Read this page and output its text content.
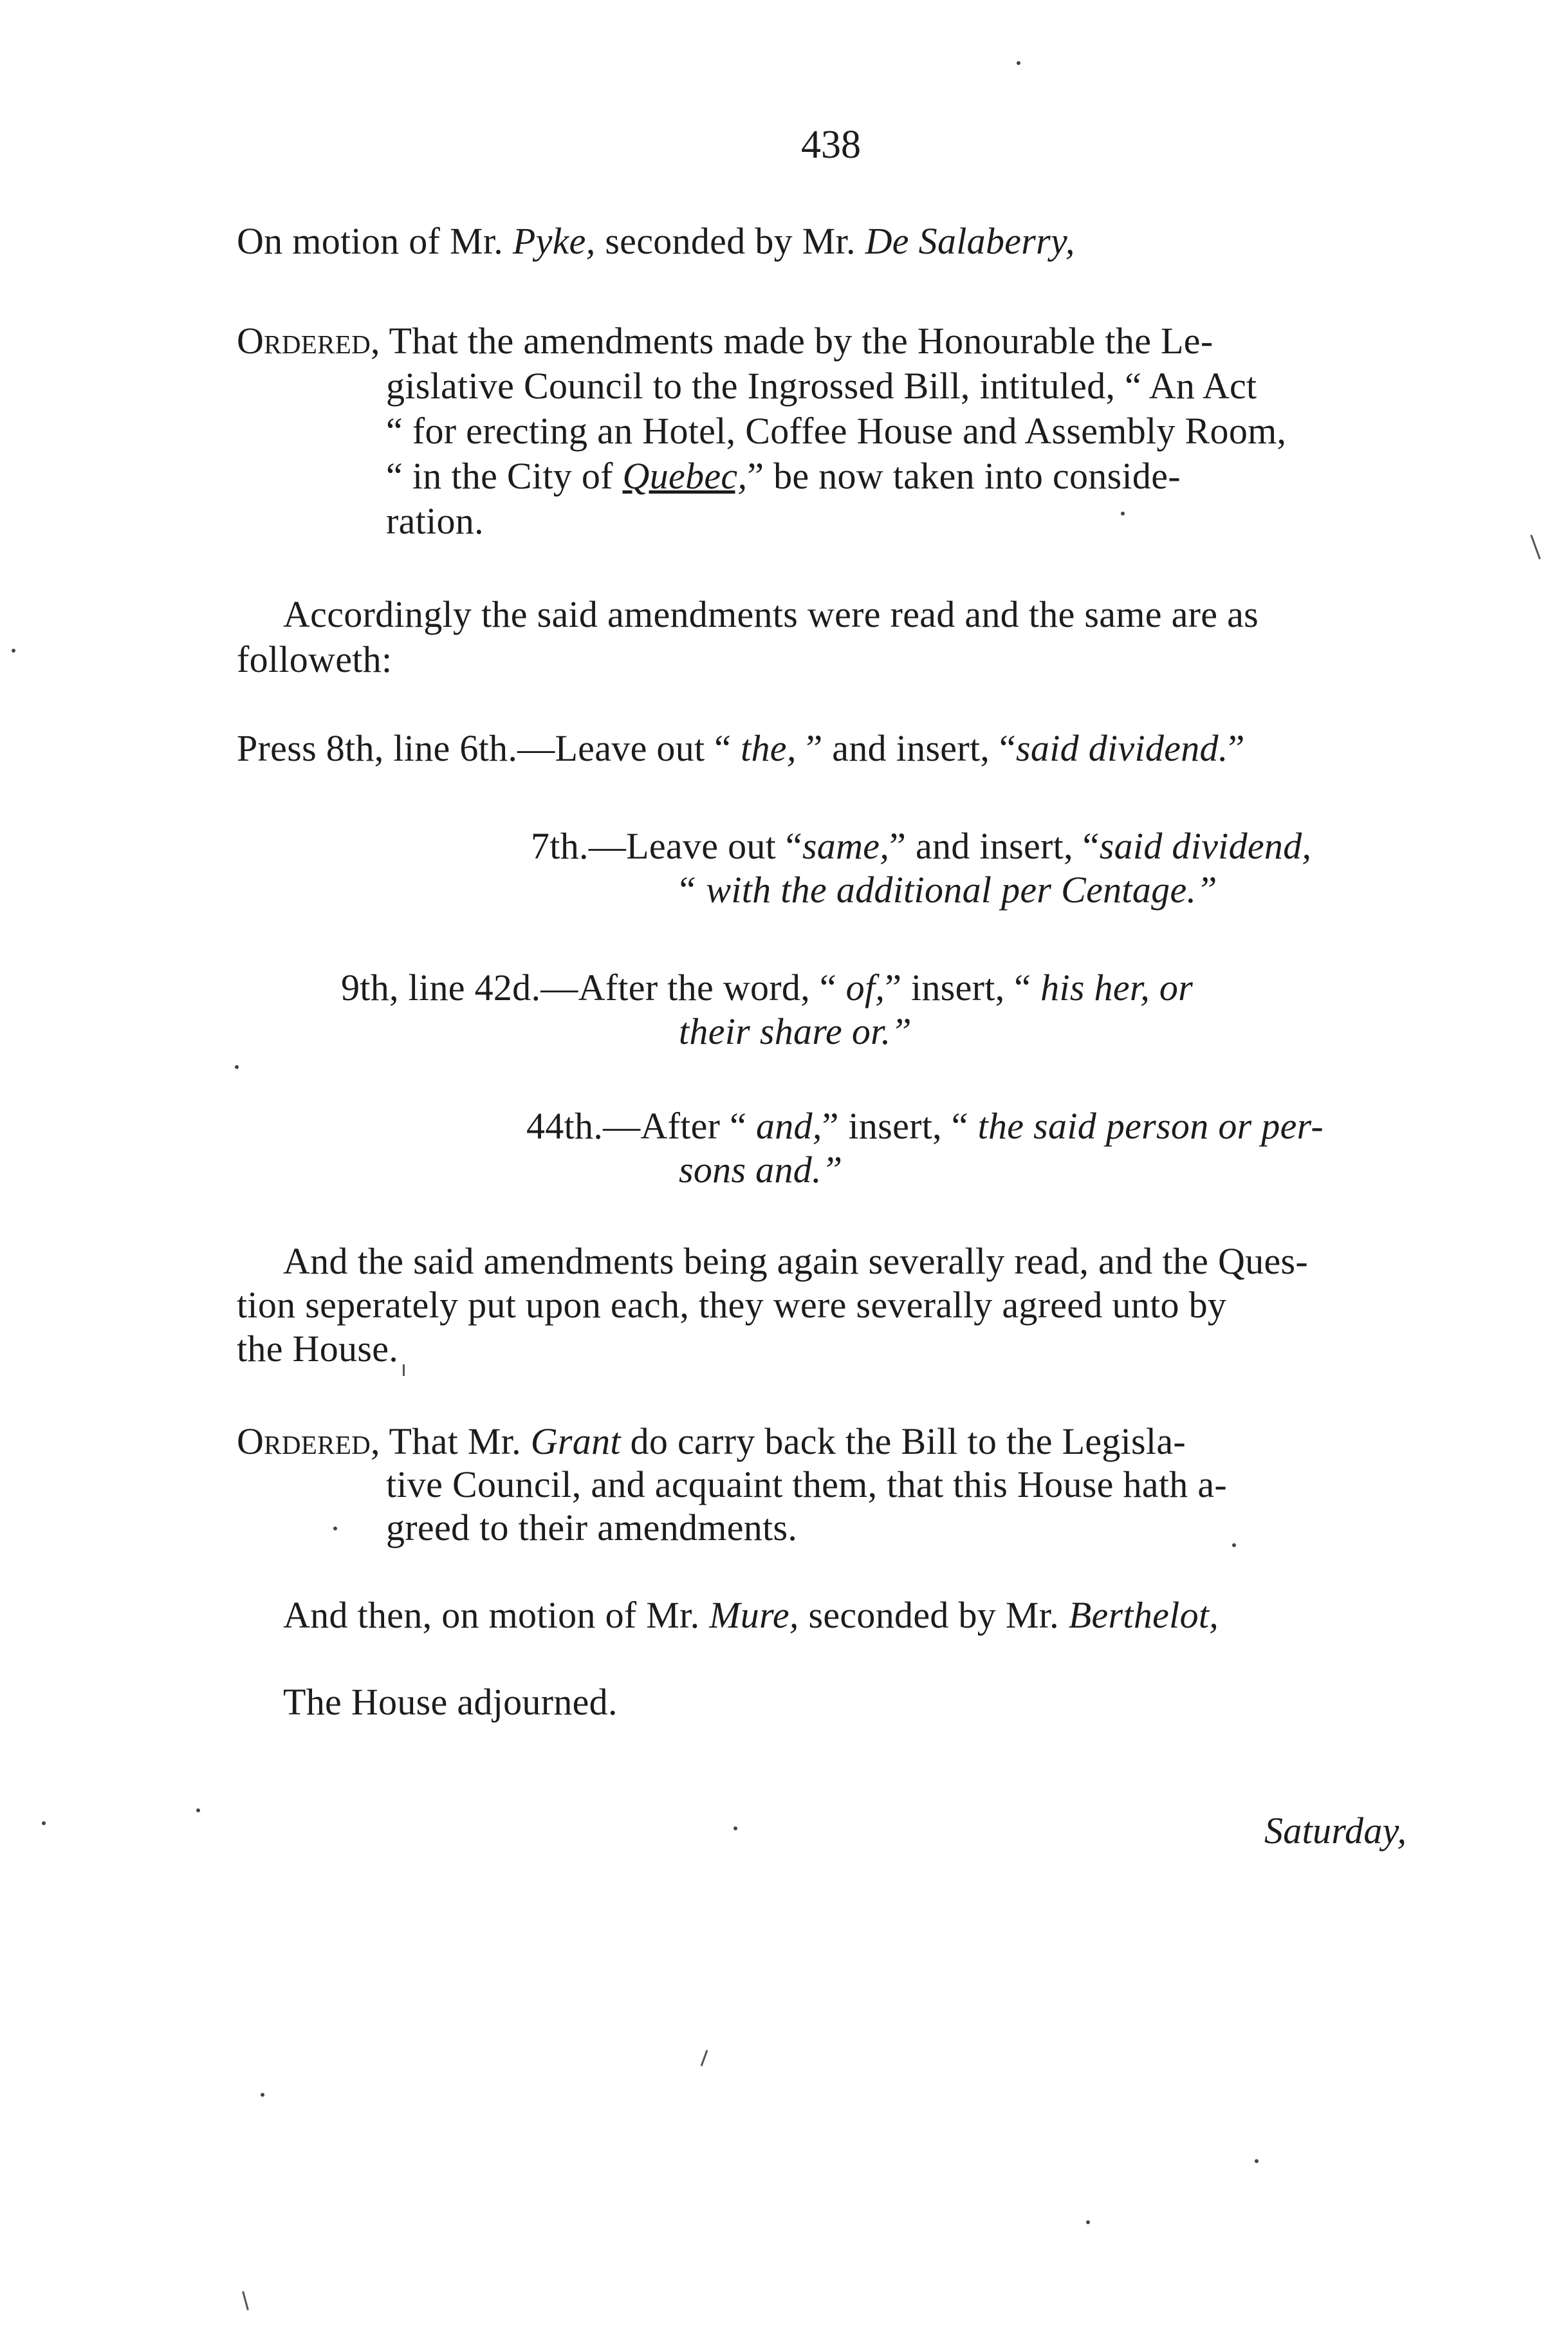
438
On motion of Mr. Pyke, seconded by Mr. De Salaberry,
Ordered, That the amendments made by the Honourable the Le-
gislative Council to the Ingrossed Bill, intituled, “ An Act
“ for erecting an Hotel, Coffee House and Assembly Room,
“ in the City of Quebec,” be now taken into conside-
ration.
Accordingly the said amendments were read and the same are as
followeth:
Press 8th, line 6th.—Leave out “ the, ” and insert, “said dividend.”
7th.—Leave out “same,” and insert, “said dividend,
“ with the additional per Centage.”
9th, line 42d.—After the word, “ of,” insert, “ his her, or
their share or.”
44th.—After “ and,” insert, “ the said person or per-
sons and.”
And the said amendments being again severally read, and the Ques-
tion seperately put upon each, they were severally agreed unto by
the House.
Ordered, That Mr. Grant do carry back the Bill to the Legisla-
tive Council, and acquaint them, that this House hath a-
greed to their amendments.
And then, on motion of Mr. Mure, seconded by Mr. Berthelot,
The House adjourned.
Saturday,
